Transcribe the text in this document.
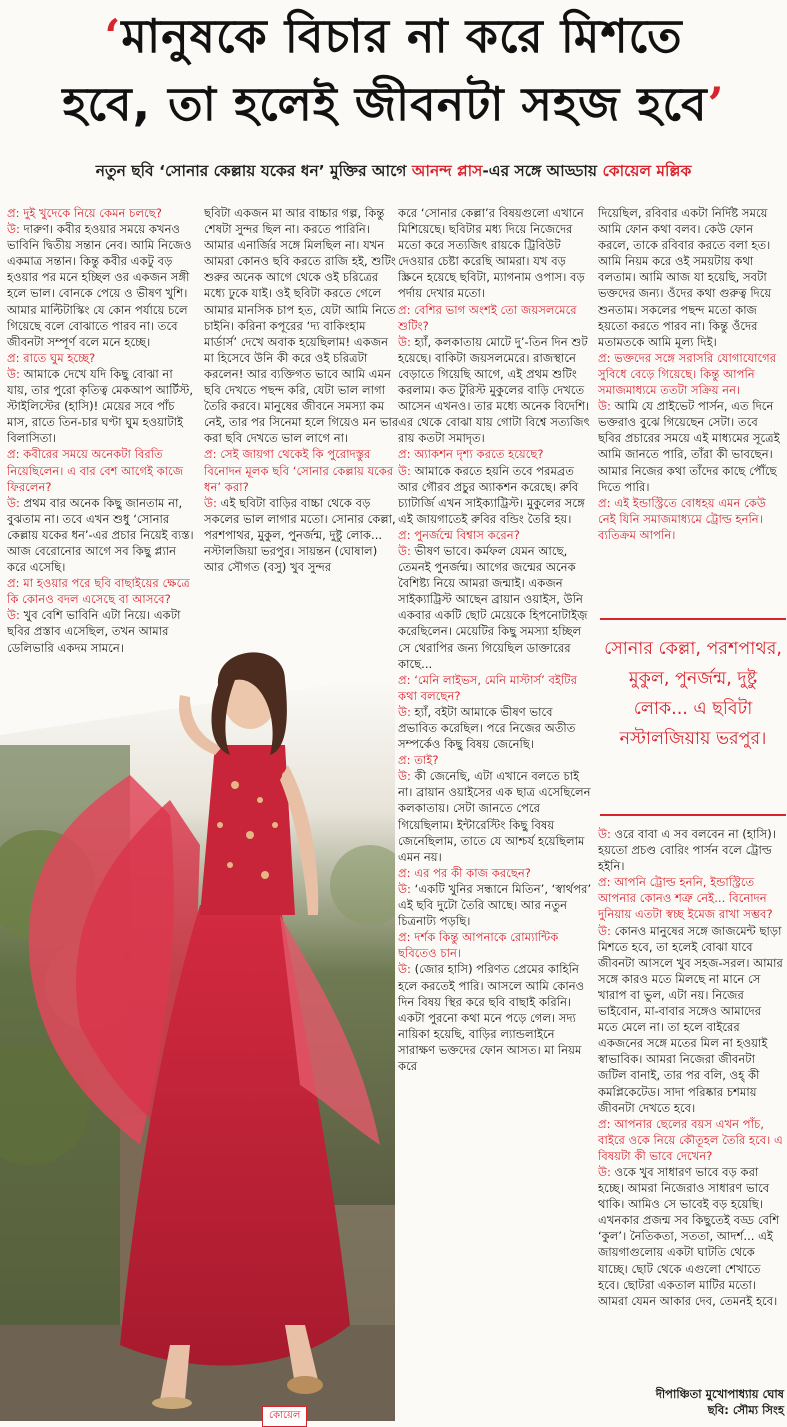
‘মানুষকে বিচার না করে মিশতে
হবে, তা হলেই জীবনটা সহজ হবে’
নতুন ছবি ‘সোনার কেল্লায় যকের ধন’ মুক্তির আগে আনন্দ প্লাস-এর সঙ্গে আড্ডায় কোয়েল মল্লিক

প্র: দুই খুদেকে নিয়ে কেমন চলছে?

উ: দারুণ। কবীর হওয়ার সময়ে কখনও ভাবিনি দ্বিতীয় সন্তান নেব। আমি নিজেও একমাত্র সন্তান। কিন্তু কবীর একটু বড় হওয়ার পর মনে হচ্ছিল ওর একজন সঙ্গী হলে ভাল। বোনকে পেয়ে ও ভীষণ খুশি। আমার মাল্টিটাস্কিং যে কোন পর্যায়ে চলে গিয়েছে বলে বোঝাতে পারব না। তবে জীবনটা সম্পূর্ণ বলে মনে হচ্ছে।

প্র: রাতে ঘুম হচ্ছে?

উ: আমাকে দেখে যদি কিছু বোঝা না যায়, তার পুরো কৃতিত্ব মেকআপ আর্টিস্ট, স্টাইলিস্টের (হাসি)! মেয়ের সবে পাঁচ মাস, রাতে তিন-চার ঘণ্টা ঘুম হওয়াটাই বিলাসিতা।

প্র: কবীরের সময়ে অনেকটা বিরতি নিয়েছিলেন। এ বার বেশ আগেই কাজে ফিরলেন?

উ: প্রথম বার অনেক কিছু জানতাম না, বুঝতাম না। তবে এখন শুধু ‘সোনার কেল্লায় যকের ধন’-এর প্রচার নিয়েই ব্যস্ত। আজ বেরোনোর আগে সব কিছু প্ল্যান করে এসেছি।

প্র: মা হওয়ার পরে ছবি বাছাইয়ের ক্ষেত্রে কি কোনও বদল এসেছে বা আসবে?

উ: খুব বেশি ভাবিনি এটা নিয়ে। একটা ছবির প্রস্তাব এসেছিল, তখন আমার ডেলিভারি একদম সামনে।

ছবিটা একজন মা আর বাচ্চার গল্প, কিন্তু শেষটা সুন্দর ছিল না। করতে পারিনি। আমার এনার্জির সঙ্গে মিলছিল না। যখন আমরা কোনও ছবি করতে রাজি হই, শুটিং শুরুর অনেক আগে থেকে ওই চরিত্রের মধ্যে ঢুকে যাই। ওই ছবিটা করতে গেলে আমার মানসিক চাপ হত, যেটা আমি নিতে চাইনি। করিনা কপূরের ‘দ্য বাকিংহাম মার্ডার্স’ দেখে অবাক হয়েছিলাম! একজন মা হিসেবে উনি কী করে ওই চরিত্রটা করলেন! আর ব্যক্তিগত ভাবে আমি এমন ছবি দেখতে পছন্দ করি, যেটা ভাল লাগা তৈরি করবে। মানুষের জীবনে সমস্যা কম নেই, তার পর সিনেমা হলে গিয়েও মন ভার করা ছবি দেখতে ভাল লাগে না।

প্র: সেই জায়গা থেকেই কি পুরোদস্তুর বিনোদন মূলক ছবি ‘সোনার কেল্লায় যকের ধন’ করা?

উ: এই ছবিটা বাড়ির বাচ্চা থেকে বড় সকলের ভাল লাগার মতো। সোনার কেল্লা, পরশপাথর, মুকুল, পুনর্জন্ম, দুষ্টু লোক... নস্টালজিয়া ভরপুর। সায়ন্তন (ঘোষাল) আর সৌগত (বসু) খুব সুন্দর

করে ‘সোনার কেল্লা’র বিষয়গুলো এখানে মিশিয়েছে। ছবিটার মধ্য দিয়ে নিজেদের মতো করে সত্যজিৎ রায়কে ট্রিবিউট দেওয়ার চেষ্টা করেছি আমরা। যখ বড় স্ক্রিনে হয়েছে ছবিটা, ম্যাগনাম ওপাস। বড় পর্দায় দেখার মতো।

প্র: বেশির ভাগ অংশই তো জয়সলমেরে শুটিং?

উ: হ্যাঁ, কলকাতায় মোটে দু’-তিন দিন শুট হয়েছে। বাকিটা জয়সলমেরে। রাজস্থানে বেড়াতে গিয়েছি আগে, এই প্রথম শুটিং করলাম। কত টুরিস্ট মুকুলের বাড়ি দেখতে আসেন এখনও। তার মধ্যে অনেক বিদেশি। এর থেকে বোঝা যায় গোটা বিশ্বে সত্যজিৎ রায় কতটা সমাদৃত।

প্র: অ্যাকশন দৃশ্য করতে হয়েছে?

উ: আমাকে করতে হয়নি তবে পরমব্রত আর গৌরব প্রচুর অ্যাকশন করেছে। রুবি চ্যাটার্জি এখন সাইক্যাট্রিস্ট। মুকুলের সঙ্গে এই জায়গাতেই রুবির বন্ডিং তৈরি হয়।

প্র: পুনর্জন্মে বিশ্বাস করেন?

উ: ভীষণ ভাবে। কর্মফল যেমন আছে, তেমনই পুনর্জন্ম। আগের জন্মের অনেক বৈশিষ্ট্য নিয়ে আমরা জন্মাই। একজন সাইক্যাট্রিস্ট আছেন ব্রায়ান ওয়াইস, উনি একবার একটি ছোট মেয়েকে হিপনোটাইজ় করেছিলেন। মেয়েটির কিছু সমস্যা হচ্ছিল সে থেরাপির জন্য গিয়েছিল ডাক্তারের কাছে...

প্র: ‘মেনি লাইভস, মেনি মাস্টার্স’ বইটির কথা বলছেন?

উ: হ্যাঁ, বইটা আমাকে ভীষণ ভাবে প্রভাবিত করেছিল। পরে নিজের অতীত সম্পর্কেও কিছু বিষয় জেনেছি।

প্র: তাই?

উ: কী জেনেছি, এটা এখানে বলতে চাই না। ব্রায়ান ওয়াইসের এক ছাত্র এসেছিলেন কলকাতায়। সেটা জানতে পেরে গিয়েছিলাম। ইন্টারেস্টিং কিছু বিষয় জেনেছিলাম, তাতে যে আশ্চর্য হয়েছিলাম এমন নয়।

প্র: এর পর কী কাজ করছেন?

উ: ‘একটি খুনির সন্ধানে মিতিন’, ‘স্বার্থপর’ এই ছবি দুটো তৈরি আছে। আর নতুন চিত্রনাট্য পড়ছি।

প্র: দর্শক কিন্তু আপনাকে রোম্যান্টিক ছবিতেও চান।

উ: (জোর হাসি) পরিণত প্রেমের কাহিনি হলে করতেই পারি। আসলে আমি কোনও দিন বিষয় স্থির করে ছবি বাছাই করিনি। একটা পুরনো কথা মনে পড়ে গেল। সদ্য নায়িকা হয়েছি, বাড়ির ল্যান্ডলাইনে সারাক্ষণ ভক্তদের ফোন আসত। মা নিয়ম করে

দিয়েছিল, রবিবার একটা নির্দিষ্ট সময়ে আমি ফোন কথা বলব। কেউ ফোন করলে, তাকে রবিবার করতে বলা হত। আমি নিয়ম করে ওই সময়টায় কথা বলতাম। আমি আজ যা হয়েছি, সবটা ভক্তদের জন্য। ওঁদের কথা গুরুত্ব দিয়ে শুনতাম। সকলের পছন্দ মতো কাজ হয়তো করতে পারব না। কিন্তু ওঁদের মতামতকে আমি মূল্য দিই।

প্র: ভক্তদের সঙ্গে সরাসরি যোগাযোগের সুবিধে বেড়ে গিয়েছে। কিন্তু আপনি সমাজমাধ্যমে ততটা সক্রিয় নন।

উ: আমি যে প্রাইভেট পার্সন, এত দিনে ভক্তরাও বুঝে গিয়েছেন সেটা। তবে ছবির প্রচারের সময়ে এই মাধ্যমের সূত্রেই আমি জানতে পারি, তাঁরা কী ভাবছেন। আমার নিজের কথা তাঁদের কাছে পৌঁছে দিতে পারি।

প্র: এই ইন্ডাস্ট্রিতে বোধহয় এমন কেউ নেই যিনি সমাজমাধ্যমে ট্রোল্ড হননি। ব্যতিক্রম আপনি।

সোনার কেল্লা, পরশপাথর, মুকুল, পুনর্জন্ম, দুষ্টু লোক... এ ছবিটা নস্টালজিয়ায় ভরপুর।

উ: ওরে বাবা এ সব বলবেন না (হাসি)। হয়তো প্রচণ্ড বোরিং পার্সন বলে ট্রোল্ড হইনি।

প্র: আপনি ট্রোল্ড হননি, ইন্ডাস্ট্রিতে আপনার কোনও শত্রু নেই... বিনোদন দুনিয়ায় এতটা স্বচ্ছ ইমেজ রাখা সম্ভব?

উ: কোনও মানুষের সঙ্গে জাজমেন্ট ছাড়া মিশতে হবে, তা হলেই বোঝা যাবে জীবনটা আসলে খুব সহজ-সরল। আমার সঙ্গে কারও মতে মিলছে না মানে সে খারাপ বা ভুল, এটা নয়। নিজের ভাইবোন, মা-বাবার সঙ্গেও আমাদের মতে মেলে না। তা হলে বাইরের একজনের সঙ্গে মতের মিল না হওয়াই স্বাভাবিক। আমরা নিজেরা জীবনটা জটিল বানাই, তার পর বলি, ওহ্‌ কী কমপ্লিকেটেড। সাদা পরিষ্কার চশমায় জীবনটা দেখতে হবে।

প্র: আপনার ছেলের বয়স এখন পাঁচ, বাইরে ওকে নিয়ে কৌতূহল তৈরি হবে। এ বিষয়টা কী ভাবে দেখেন?

উ: ওকে খুব সাধারণ ভাবে বড় করা হচ্ছে। আমরা নিজেরাও সাধারণ ভাবে থাকি। আমিও সে ভাবেই বড় হয়েছি। এখনকার প্রজন্ম সব কিছুতেই বড্ড বেশি ‘কুল’। নৈতিকতা, সততা, আদর্শ... এই জায়গাগুলোয় একটা ঘাটতি থেকে যাচ্ছে। ছোট থেকে এগুলো শেখাতে হবে। ছোটরা একতাল মাটির মতো। আমরা যেমন আকার দেব, তেমনই হবে।

কোয়েল
দীপাঞ্চিতা মুখোপাধ্যায় ঘোষ
ছবি: সৌম্য সিংহ
